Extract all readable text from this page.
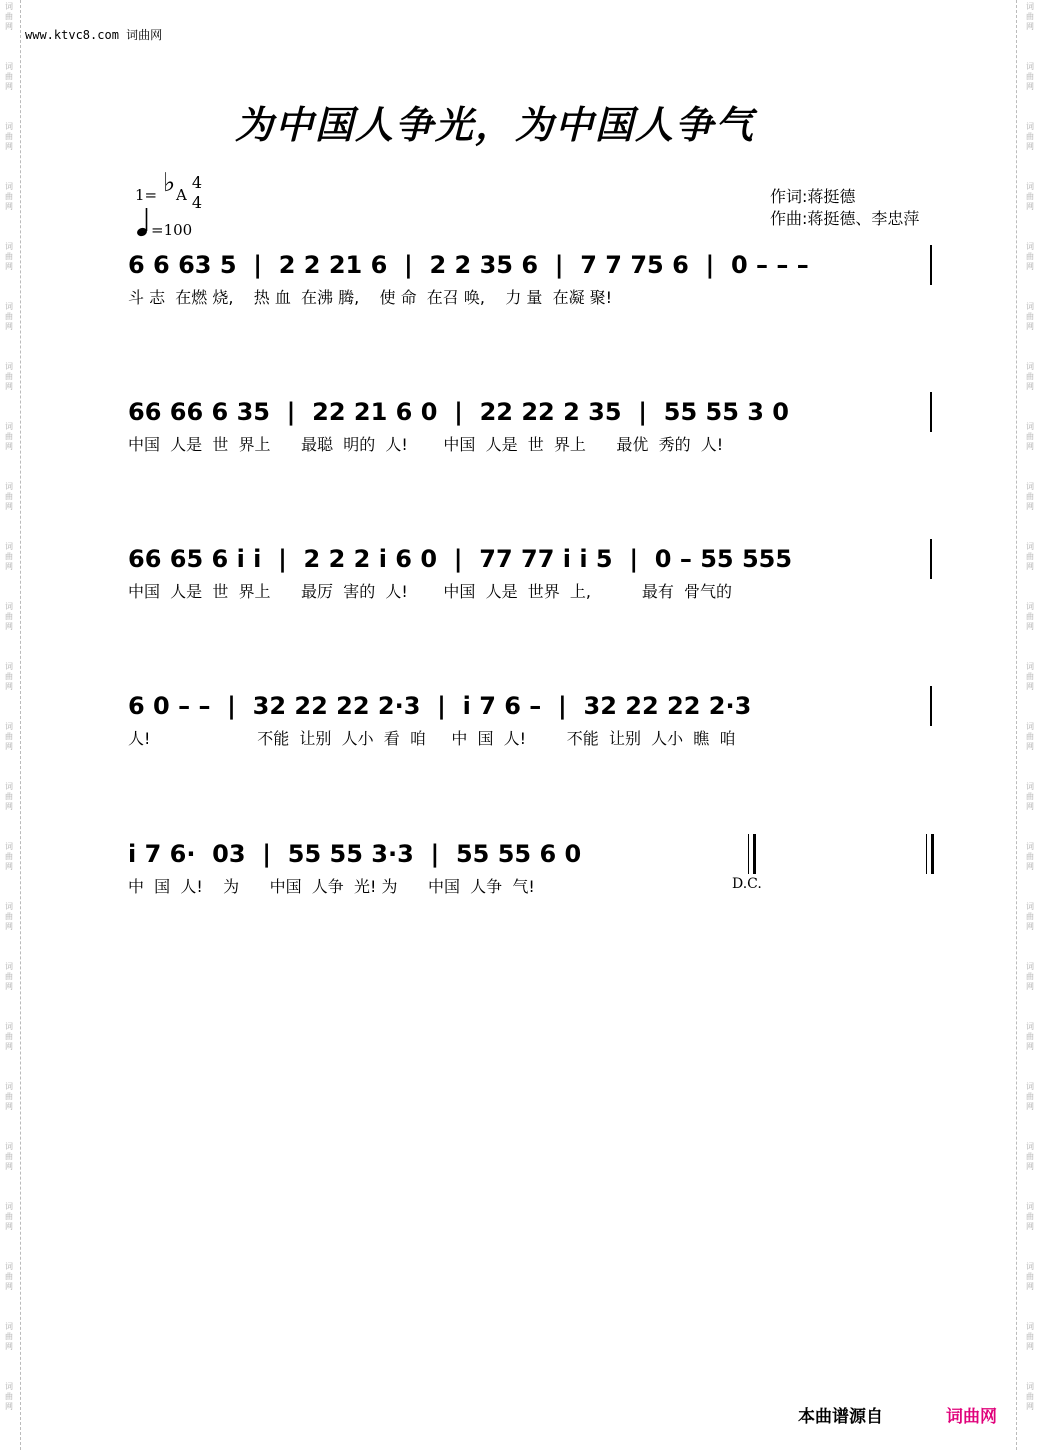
词
曲
网
词
曲
网
词
曲
网
词
曲
网
词
曲
网
词
曲
网
词
曲
网
词
曲
网
词
曲
网
词
曲
网
词
曲
网
词
曲
网
词
曲
网
词
曲
网
词
曲
网
词
曲
网
词
曲
网
词
曲
网
词
曲
网
词
曲
网
词
曲
网
词
曲
网
词
曲
网
词
曲
网
词
曲
网
词
曲
网
词
曲
网
词
曲
网
词
曲
网
词
曲
网
词
曲
网
词
曲
网
词
曲
网
词
曲
网
词
曲
网
词
曲
网
词
曲
网
词
曲
网
词
曲
网
词
曲
网
词
曲
网
词
曲
网
词
曲
网
词
曲
网
词
曲
网
词
曲
网
词
曲
网
词
曲
网
www.ktvc8.com 词曲网
为中国人争光，为中国人争气
1= ♭ A
4
4
=100
作词:蒋挺德
作曲:蒋挺德、李忠萍
6 6 63 5  |  2 2 21 6  |  2 2 35 6  |  7 7 75 6  |  0 – – –
斗 志  在燃 烧,    热 血  在沸 腾,    使 命  在召 唤,    力 量  在凝 聚!
66 66 6 35  |  22 21 6 0  |  22 22 2 35  |  55 55 3 0
中国  人是  世  界上      最聪  明的  人!       中国  人是  世  界上      最优  秀的  人!
66 65 6 i i  |  2 2 2 i 6 0  |  77 77 i i 5  |  0 – 55 555
中国  人是  世  界上      最厉  害的  人!       中国  人是  世界  上,          最有  骨气的
6 0 – –  |  32 22 22 2·3  |  i 7 6 –  |  32 22 22 2·3
人!                     不能  让别  人小  看  咱     中  国  人!        不能  让别  人小  瞧  咱
i 7 6·  03  |  55 55 3·3  |  55 55 6 0
中  国  人!    为      中国  人争  光! 为      中国  人争  气!	D.C.
本曲谱源自	词曲网
